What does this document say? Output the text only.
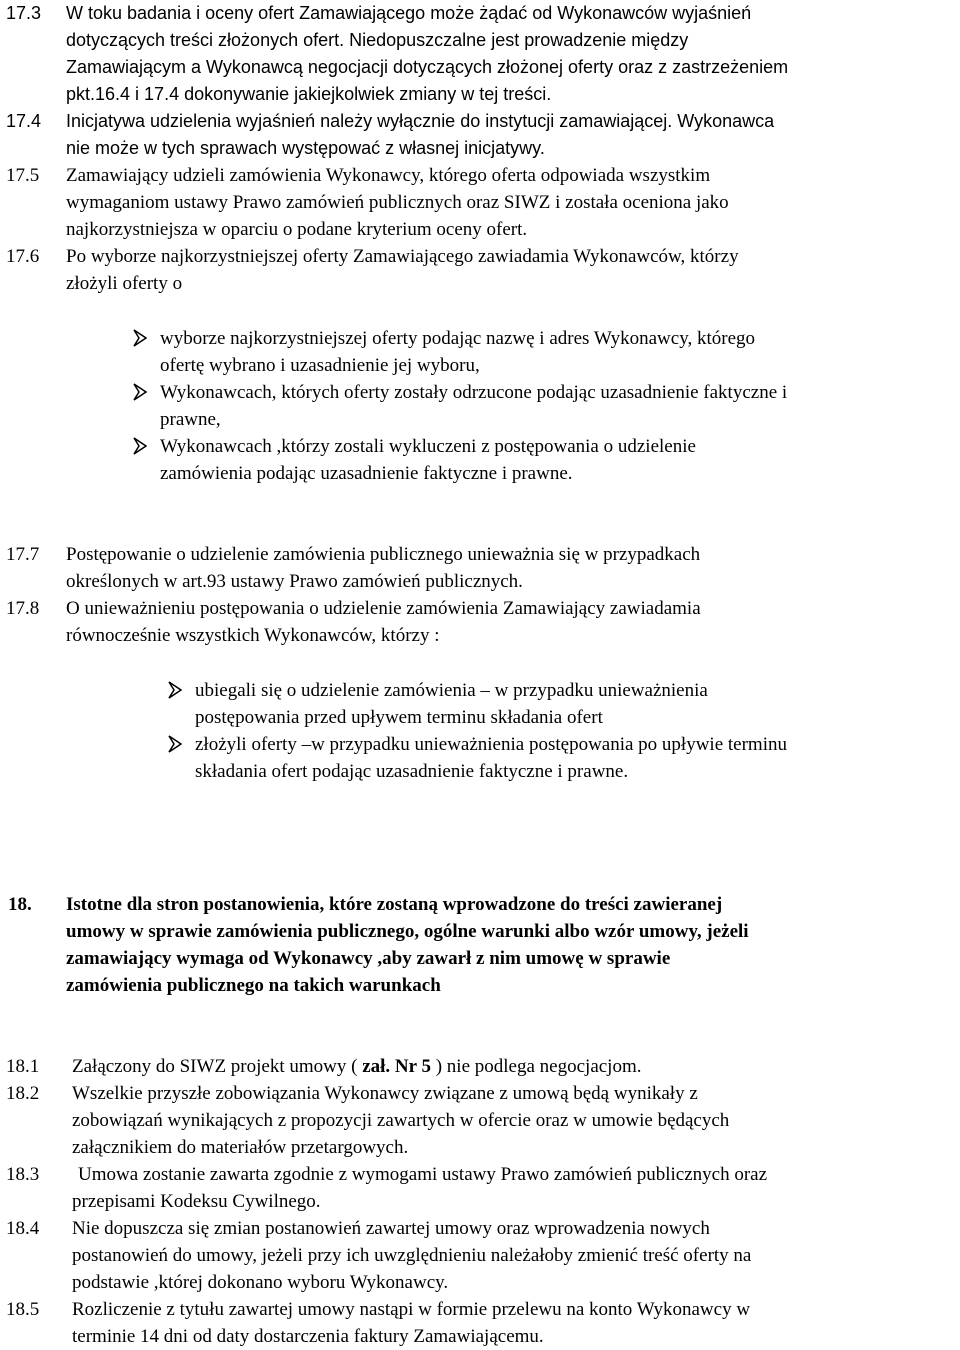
17.3 W toku badania i oceny ofert Zamawiającego może żądać od Wykonawców wyjaśnień
dotyczących treści złożonych ofert. Niedopuszczalne jest prowadzenie między
Zamawiającym a Wykonawcą negocjacji dotyczących złożonej oferty oraz z zastrzeżeniem
pkt.16.4 i 17.4 dokonywanie jakiejkolwiek zmiany w tej treści.
17.4 Inicjatywa udzielenia wyjaśnień należy wyłącznie do instytucji zamawiającej. Wykonawca
nie może w tych sprawach występować z własnej inicjatywy.
17.5 Zamawiający udzieli zamówienia Wykonawcy, którego oferta odpowiada wszystkim
wymaganiom ustawy Prawo zamówień publicznych oraz SIWZ i została oceniona jako
najkorzystniejsza w oparciu o podane kryterium oceny ofert.
17.6 Po wyborze najkorzystniejszej oferty Zamawiającego zawiadamia Wykonawców, którzy
złożyli oferty o
wyborze najkorzystniejszej oferty podając nazwę i adres Wykonawcy, którego
ofertę wybrano i uzasadnienie jej wyboru,
Wykonawcach, których oferty zostały odrzucone podając uzasadnienie faktyczne i
prawne,
Wykonawcach ,którzy zostali wykluczeni z postępowania o udzielenie
zamówienia podając uzasadnienie faktyczne i prawne.
17.7 Postępowanie o udzielenie zamówienia publicznego unieważnia się w przypadkach
określonych w art.93 ustawy Prawo zamówień publicznych.
17.8 O unieważnieniu postępowania o udzielenie zamówienia Zamawiający zawiadamia
równocześnie wszystkich Wykonawców, którzy :
ubiegali się o udzielenie zamówienia – w przypadku unieważnienia
postępowania przed upływem terminu składania ofert
złożyli oferty –w przypadku unieważnienia postępowania po upływie terminu
składania ofert podając uzasadnienie faktyczne i prawne.
18. Istotne dla stron postanowienia, które zostaną wprowadzone do treści zawieranej
umowy w sprawie zamówienia publicznego, ogólne warunki albo wzór umowy, jeżeli
zamawiający wymaga od Wykonawcy ,aby zawarł z nim umowę w sprawie
zamówienia publicznego na takich warunkach
18.1 Załączony do SIWZ projekt umowy ( zał. Nr 5 ) nie podlega negocjacjom.
18.2 Wszelkie przyszłe zobowiązania Wykonawcy związane z umową będą wynikały z
zobowiązań wynikających z propozycji zawartych w ofercie oraz w umowie będących
załącznikiem do materiałów przetargowych.
18.3 Umowa zostanie zawarta zgodnie z wymogami ustawy Prawo zamówień publicznych oraz
przepisami Kodeksu Cywilnego.
18.4 Nie dopuszcza się zmian postanowień zawartej umowy oraz wprowadzenia nowych
postanowień do umowy, jeżeli przy ich uwzględnieniu należałoby zmienić treść oferty na
podstawie ,której dokonano wyboru Wykonawcy.
18.5 Rozliczenie z tytułu zawartej umowy nastąpi w formie przelewu na konto Wykonawcy w
terminie 14 dni od daty dostarczenia faktury Zamawiającemu.
